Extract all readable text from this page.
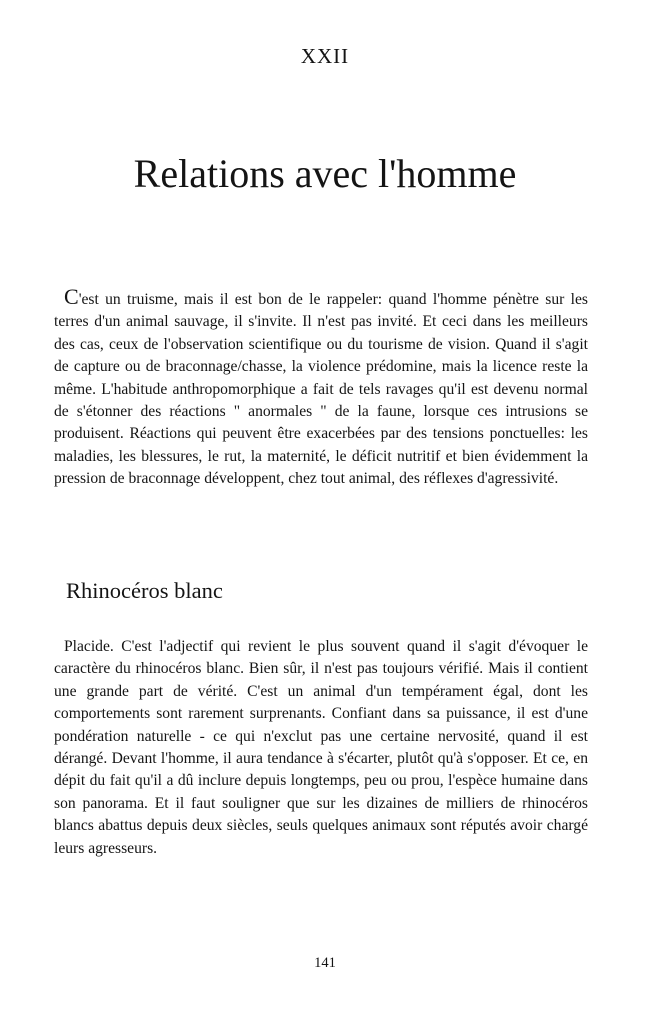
XXII
Relations avec l'homme

C'est un truisme, mais il est bon de le rappeler: quand l'homme pénètre sur les terres d'un animal sauvage, il s'invite. Il n'est pas invité. Et ceci dans les meilleurs des cas, ceux de l'observation scientifique ou du tourisme de vision. Quand il s'agit de capture ou de braconnage/chasse, la violence prédomine, mais la licence reste la même. L'habitude anthropomorphique a fait de tels ravages qu'il est devenu normal de s'étonner des réactions " anormales " de la faune, lorsque ces intrusions se produisent. Réactions qui peuvent être exacerbées par des tensions ponctuelles: les maladies, les blessures, le rut, la maternité, le déficit nutritif et bien évidemment la pression de braconnage développent, chez tout animal, des réflexes d'agressivité.

Rhinocéros blanc

Placide. C'est l'adjectif qui revient le plus souvent quand il s'agit d'évoquer le caractère du rhinocéros blanc. Bien sûr, il n'est pas toujours vérifié. Mais il contient une grande part de vérité. C'est un animal d'un tempérament égal, dont les comportements sont rarement surprenants. Confiant dans sa puissance, il est d'une pondération naturelle - ce qui n'exclut pas une certaine nervosité, quand il est dérangé. Devant l'homme, il aura tendance à s'écarter, plutôt qu'à s'opposer. Et ce, en dépit du fait qu'il a dû inclure depuis longtemps, peu ou prou, l'espèce humaine dans son panorama. Et il faut souligner que sur les dizaines de milliers de rhinocéros blancs abattus depuis deux siècles, seuls quelques animaux sont réputés avoir chargé leurs agresseurs.

141
